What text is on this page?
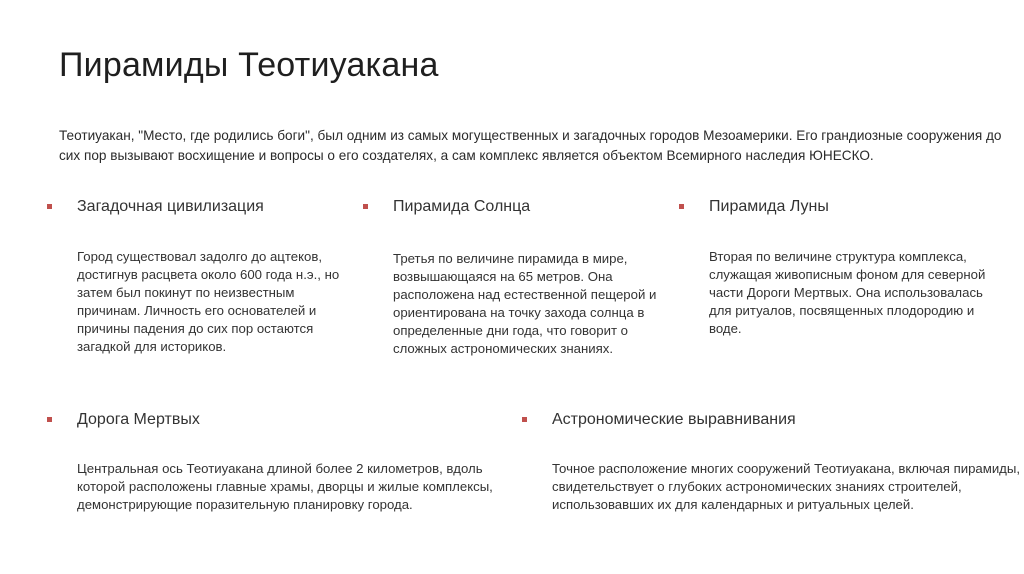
Пирамиды Теотиуакана

Теотиуакан, "Место, где родились боги", был одним из самых могущественных и загадочных городов Мезоамерики. Его грандиозные сооружения до сих пор вызывают восхищение и вопросы о его создателях, а сам комплекс является объектом Всемирного наследия ЮНЕСКО.

Загадочная цивилизация

Город существовал задолго до ацтеков, достигнув расцвета около 600 года н.э., но затем был покинут по неизвестным причинам. Личность его основателей и причины падения до сих пор остаются загадкой для историков.

Пирамида Солнца

Третья по величине пирамида в мире, возвышающаяся на 65 метров. Она расположена над естественной пещерой и ориентирована на точку захода солнца в определенные дни года, что говорит о сложных астрономических знаниях.

Пирамида Луны

Вторая по величине структура комплекса, служащая живописным фоном для северной части Дороги Мертвых. Она использовалась для ритуалов, посвященных плодородию и воде.

Дорога Мертвых

Центральная ось Теотиуакана длиной более 2 километров, вдоль которой расположены главные храмы, дворцы и жилые комплексы, демонстрирующие поразительную планировку города.

Астрономические выравнивания

Точное расположение многих сооружений Теотиуакана, включая пирамиды, свидетельствует о глубоких астрономических знаниях строителей, использовавших их для календарных и ритуальных целей.
